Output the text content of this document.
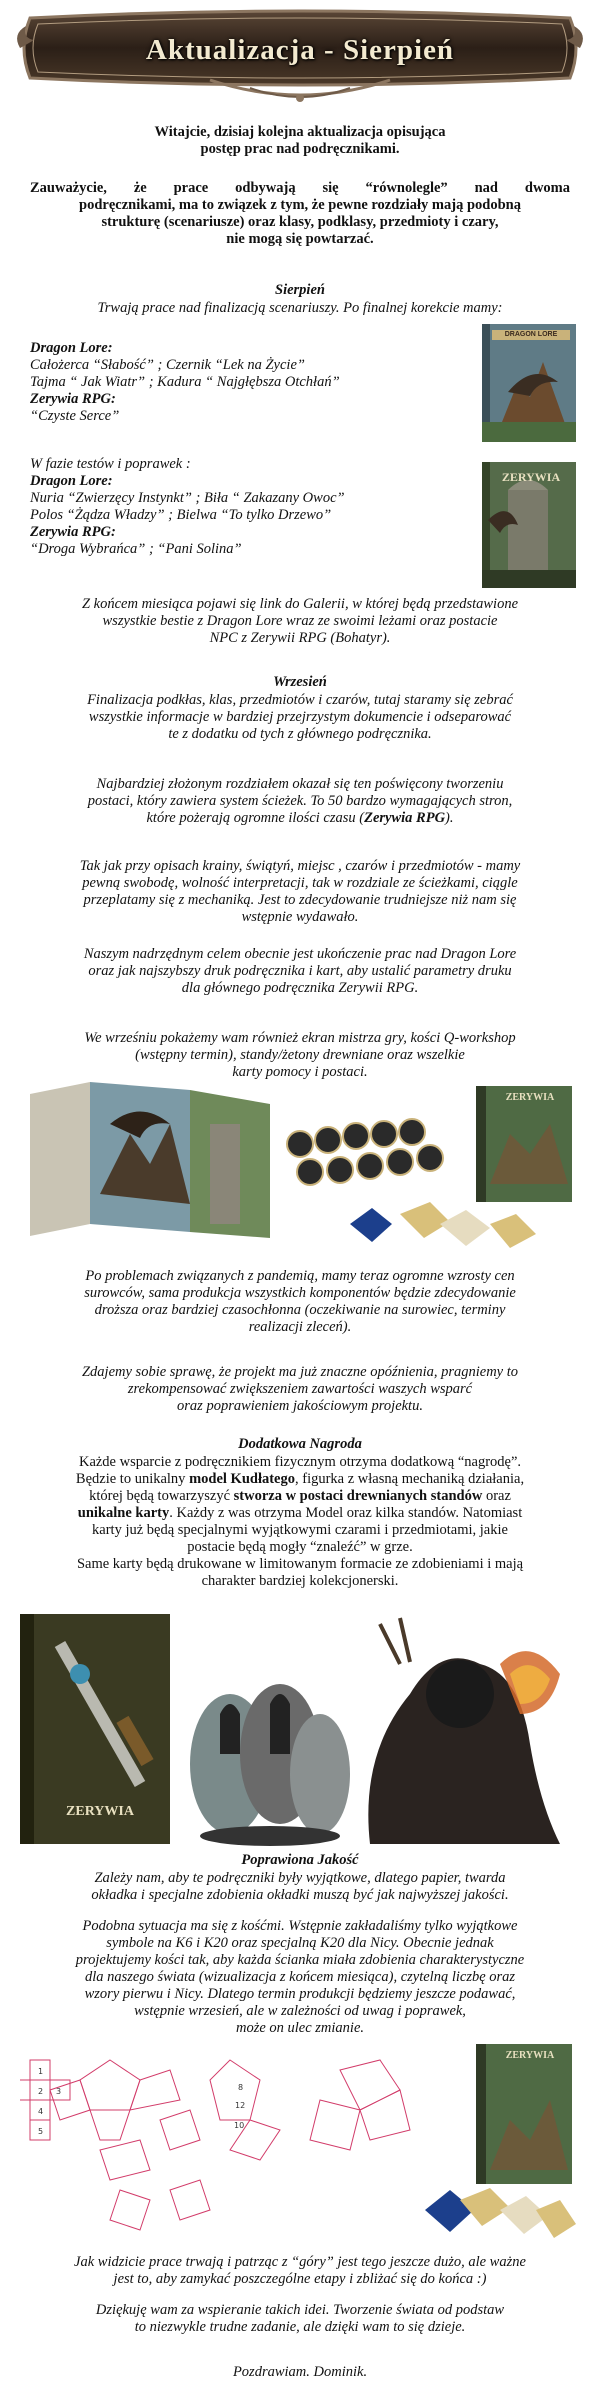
Aktualizacja - Sierpień
Witajcie, dzisiaj kolejna aktualizacja opisująca
postęp prac nad podręcznikami.
Zauważycie, że prace odbywają się “równolegle” nad dwoma
podręcznikami, ma to związek z tym, że pewne rozdziały mają podobną
strukturę (scenariusze) oraz klasy, podklasy, przedmioty i czary,
nie mogą się powtarzać.
Sierpień
Trwają prace nad finalizacją scenariuszy. Po finalnej korekcie mamy:
Dragon Lore:
Całożerca “Słabość” ; Czernik “Lek na Życie”
Tajma “ Jak Wiatr” ; Kadura “ Najgłębsza Otchłań”
Zerywia RPG:
“Czyste Serce”
W fazie testów i poprawek :
Dragon Lore:
Nuria “Zwierzęcy Instynkt” ; Biła “ Zakazany Owoc”
Polos “Żądza Władzy” ; Bielwa “To tylko Drzewo”
Zerywia RPG:
“Droga Wybrańca” ; “Pani Solina”
DRAGON LORE
ZERYWIA
Z końcem miesiąca pojawi się link do Galerii, w której będą przedstawione
wszystkie bestie z Dragon Lore wraz ze swoimi leżami oraz postacie
NPC z Zerywii RPG (Bohatyr).
Wrzesień
Finalizacja podkłas, klas, przedmiotów i czarów, tutaj staramy się zebrać
wszystkie informacje w bardziej przejrzystym dokumencie i odseparować
te z dodatku od tych z głównego podręcznika.
Najbardziej złożonym rozdziałem okazał się ten poświęcony tworzeniu
postaci, który zawiera system ścieżek. To 50 bardzo wymagających stron,
które pożerają ogromne ilości czasu (Zerywia RPG).
Tak jak przy opisach krainy, świątyń, miejsc , czarów i przedmiotów - mamy
pewną swobodę, wolność interpretacji, tak w rozdziale ze ścieżkami, ciągle
przeplatamy się z mechaniką. Jest to zdecydowanie trudniejsze niż nam się
wstępnie wydawało.
Naszym nadrzędnym celem obecnie jest ukończenie prac nad Dragon Lore
oraz jak najszybszy druk podręcznika i kart, aby ustalić parametry druku
dla głównego podręcznika Zerywii RPG.
We wrześniu pokażemy wam również ekran mistrza gry, kości Q-workshop
(wstępny termin), standy/żetony drewniane oraz wszelkie
karty pomocy i postaci.
ZERYWIA
Po problemach związanych z pandemią, mamy teraz ogromne wzrosty cen
surowców, sama produkcja wszystkich komponentów będzie zdecydowanie
droższa oraz bardziej czasochłonna (oczekiwanie na surowiec, terminy
realizacji zleceń).
Zdajemy sobie sprawę, że projekt ma już znaczne opóźnienia, pragniemy to
zrekompensować zwiększeniem zawartości waszych wsparć
oraz poprawieniem jakościowym projektu.
Dodatkowa Nagroda
Każde wsparcie z podręcznikiem fizycznym otrzyma dodatkową “nagrodę”.
Będzie to unikalny model Kudłatego, figurka z własną mechaniką działania,
której będą towarzyszyć stworza w postaci drewnianych standów oraz
unikalne karty. Każdy z was otrzyma Model oraz kilka standów. Natomiast
karty już będą specjalnymi wyjątkowymi czarami i przedmiotami, jakie
postacie będą mogły “znaleźć” w grze.
Same karty będą drukowane w limitowanym formacie ze zdobieniami i mają
charakter bardziej kolekcjonerski.
ZERYWIA
Poprawiona Jakość
Zależy nam, aby te podręczniki były wyjątkowe, dlatego papier, twarda
okładka i specjalne zdobienia okładki muszą być jak najwyższej jakości.
Podobna sytuacja ma się z kośćmi. Wstępnie zakładaliśmy tylko wyjątkowe
symbole na K6 i K20 oraz specjalną K20 dla Nicy. Obecnie jednak
projektujemy kości tak, aby każda ścianka miała zdobienia charakterystyczne
dla naszego świata (wizualizacja z końcem miesiąca), czytelną liczbę oraz
wzory pierwu i Nicy. Dlatego termin produkcji będziemy jeszcze podawać,
wstępnie wrzesień, ale w zależności od uwag i poprawek,
może on ulec zmianie.
1
2 3
4
5
8
12
10
ZERYWIA
Jak widzicie prace trwają i patrząc z “góry” jest tego jeszcze dużo, ale ważne
jest to, aby zamykać poszczególne etapy i zbliżać się do końca :)
Dziękuję wam za wspieranie takich idei. Tworzenie świata od podstaw
to niezwykle trudne zadanie, ale dzięki wam to się dzieje.
Pozdrawiam. Dominik.
